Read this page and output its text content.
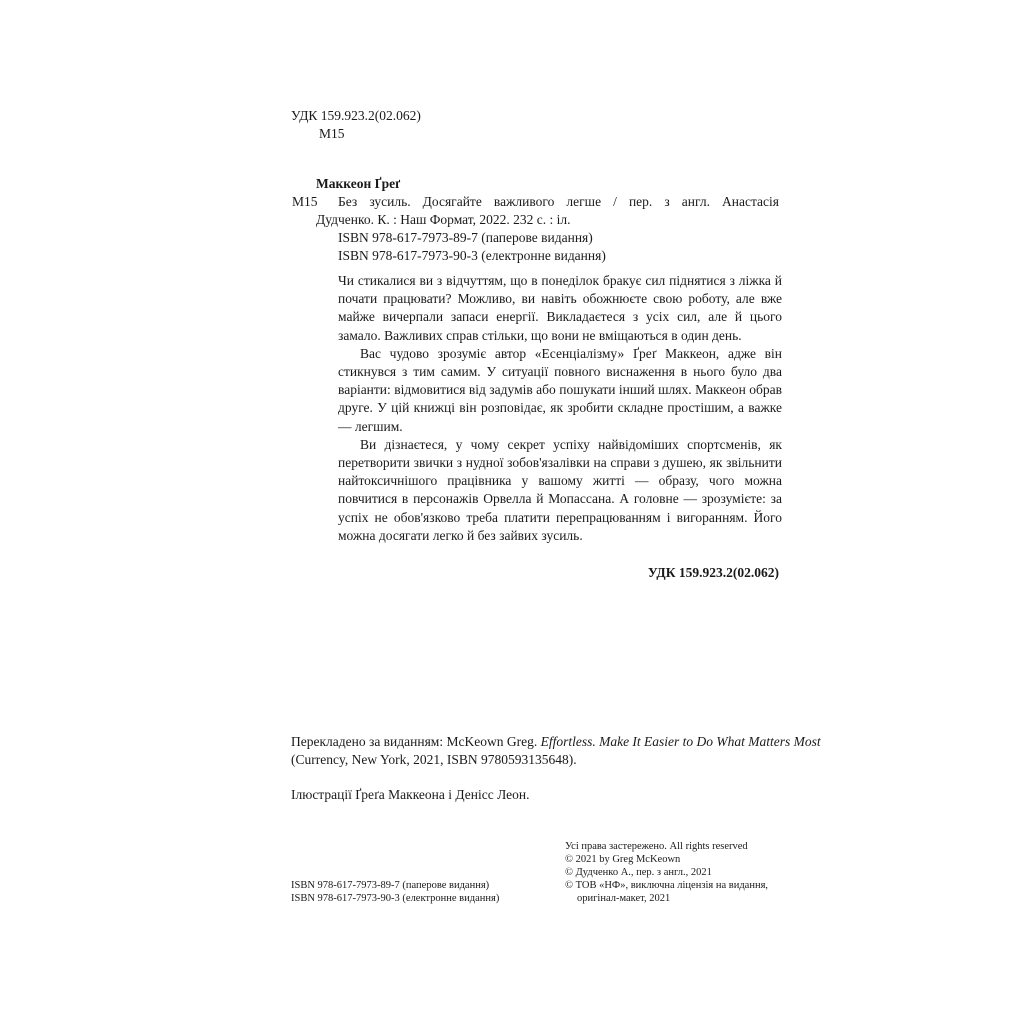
УДК 159.923.2(02.062)
М15
Маккеон Ґреґ
М15 Без зусиль. Досягайте важливого легше / пер. з англ. Анастасія
Дудченко. К. : Наш Формат, 2022. 232 с. : іл.
ISBN 978-617-7973-89-7 (паперове видання)
ISBN 978-617-7973-90-3 (електронне видання)

Чи стикалися ви з відчуттям, що в понеділок бракує сил піднятися з ліжка й почати працювати? Можливо, ви навіть обожнюєте свою роботу, але вже майже вичерпали запаси енергії. Викладаєтеся з усіх сил, але й цього замало. Важливих справ стільки, що вони не вміщаються в один день.

Вас чудово зрозуміє автор «Есенціалізму» Ґреґ Маккеон, адже він стикнувся з тим самим. У ситуації повного виснаження в нього було два варіанти: відмовитися від задумів або пошукати інший шлях. Маккеон обрав друге. У цій книжці він розповідає, як зробити складне простішим, а важке — легшим.

Ви дізнаєтеся, у чому секрет успіху найвідоміших спортсменів, як перетворити звички з нудної зобов'язалівки на справи з душею, як звільнити найтоксичнішого працівника у вашому житті — образу, чого можна повчитися в персонажів Орвелла й Мопассана. А головне — зрозумієте: за успіх не обов'язково треба платити перепрацюванням і вигоранням. Його можна досягати легко й без зайвих зусиль.

УДК 159.923.2(02.062)
Перекладено за виданням: McKeown Greg. Effortless. Make It Easier to Do What Matters Most
(Currency, New York, 2021, ISBN 9780593135648).
Ілюстрації Ґреґа Маккеона і Деніcс Леон.
Усі права застережено. All rights reserved
© 2021 by Greg McKeown
© Дудченко А., пер. з англ., 2021
© ТОВ «НФ», виключна ліцензія на видання,
оригінал-макет, 2021
ISBN 978-617-7973-89-7 (паперове видання)
ISBN 978-617-7973-90-3 (електронне видання)
